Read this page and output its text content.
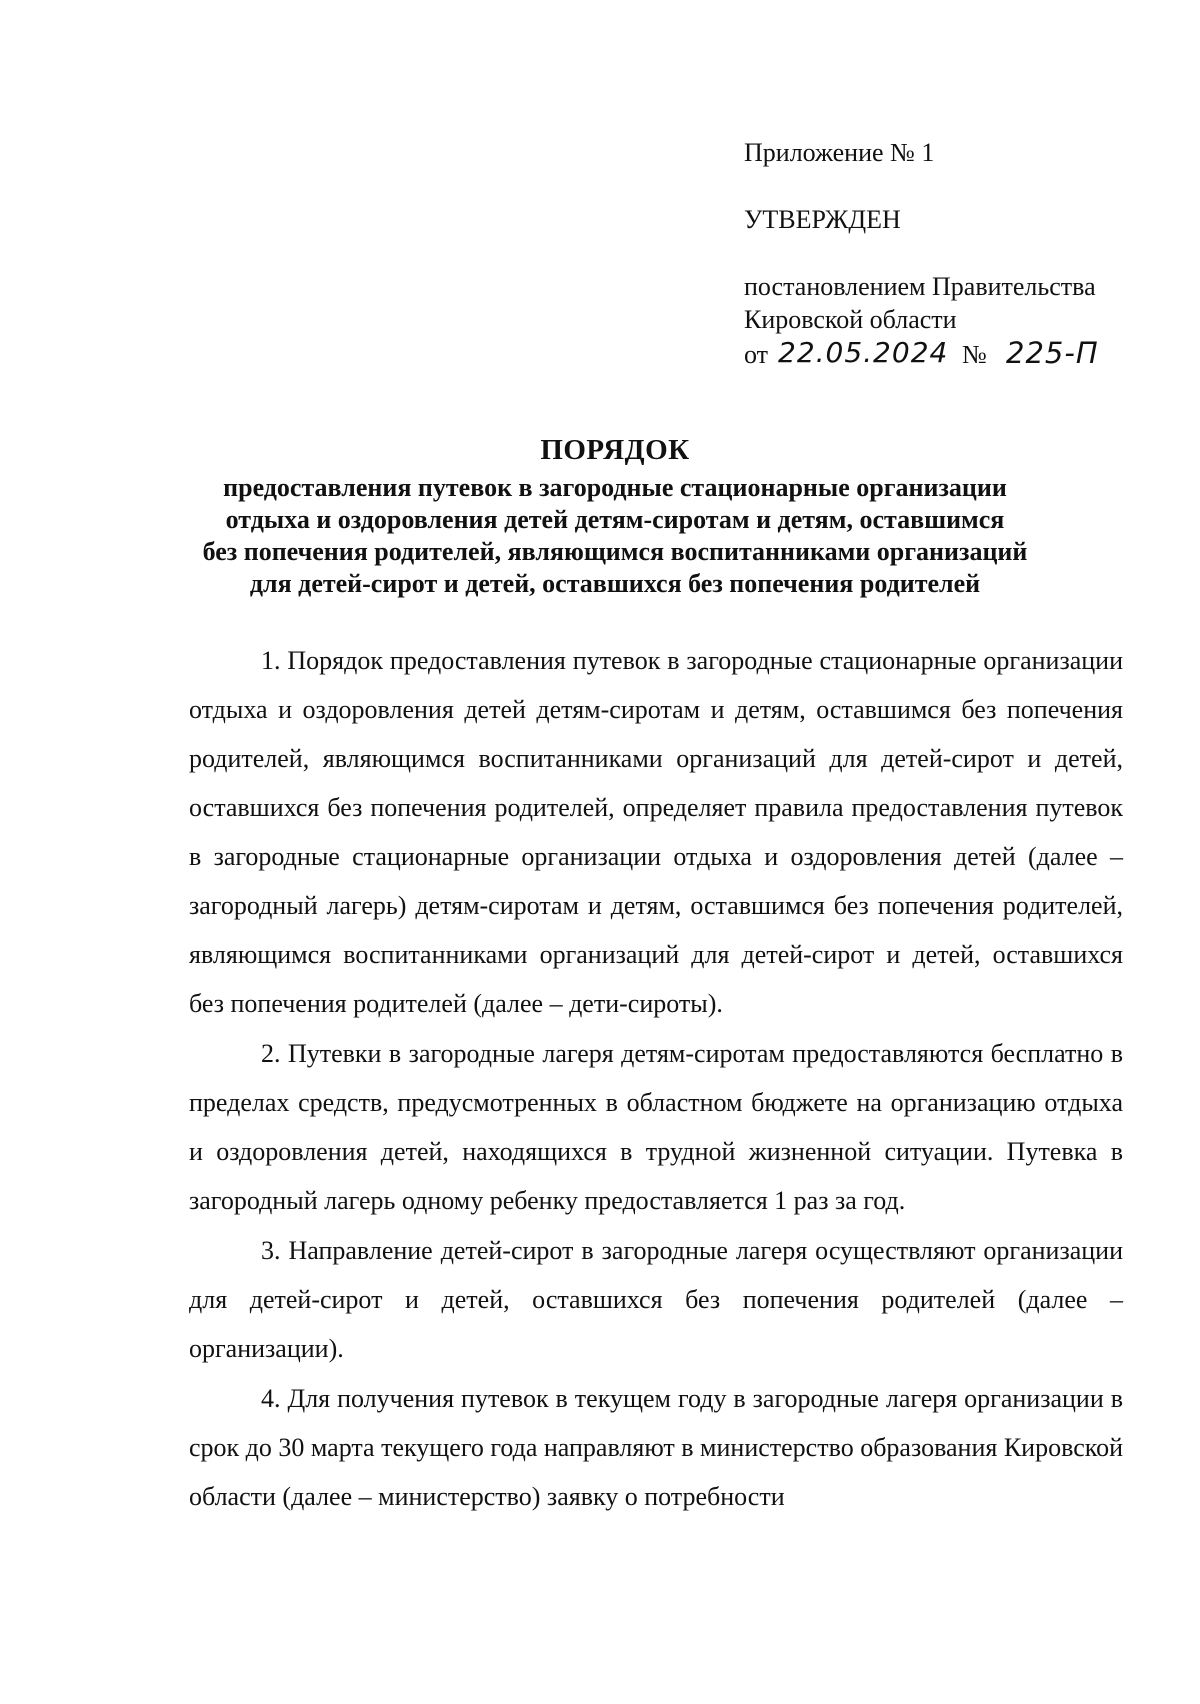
Приложение № 1
УТВЕРЖДЕН
постановлением Правительства
Кировской области
от 22.05.2024 № 225-П
ПОРЯДОК
предоставления путевок в загородные стационарные организации
отдыха и оздоровления детей детям-сиротам и детям, оставшимся
без попечения родителей, являющимся воспитанниками организаций
для детей-сирот и детей, оставшихся без попечения родителей

1. Порядок предоставления путевок в загородные стационарные организации отдыха и оздоровления детей детям-сиротам и детям, оставшимся без попечения родителей, являющимся воспитанниками организаций для детей-сирот и детей, оставшихся без попечения родителей, определяет правила предоставления путевок в загородные стационарные организации отдыха и оздоровления детей (далее – загородный лагерь) детям-сиротам и детям, оставшимся без попечения родителей, являющимся воспитанниками организаций для детей-сирот и детей, оставшихся без попечения родителей (далее – дети-сироты).

2. Путевки в загородные лагеря детям-сиротам предоставляются бесплатно в пределах средств, предусмотренных в областном бюджете на организацию отдыха и оздоровления детей, находящихся в трудной жизненной ситуации. Путевка в загородный лагерь одному ребенку предоставляется 1 раз за год.

3. Направление детей-сирот в загородные лагеря осуществляют организации для детей-сирот и детей, оставшихся без попечения родителей (далее – организации).

4. Для получения путевок в текущем году в загородные лагеря организации в срок до 30 марта текущего года направляют в министерство образования Кировской области (далее – министерство) заявку о потребности
